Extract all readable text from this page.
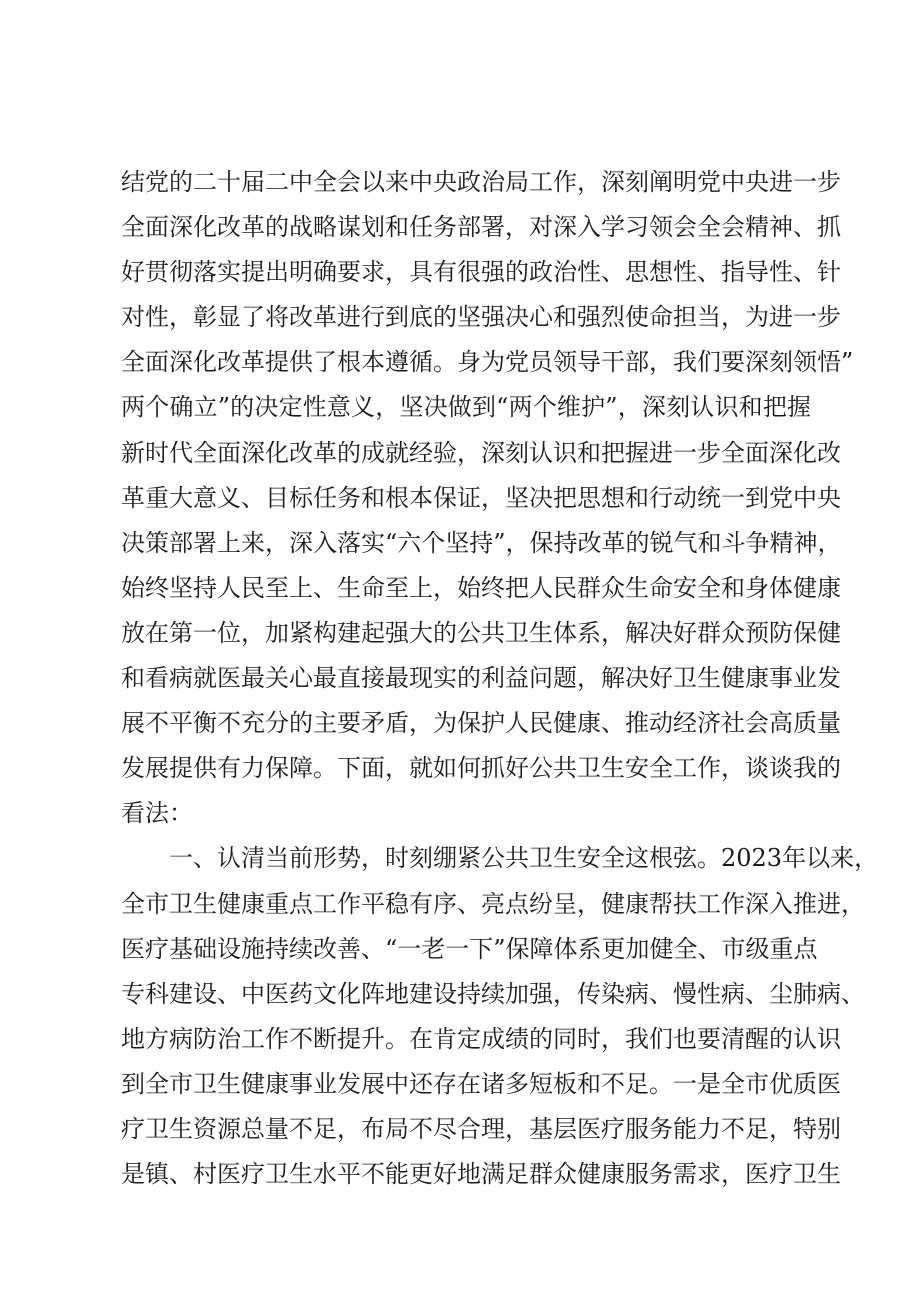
结党的二十届二中全会以来中央政治局工作，深刻阐明党中央进一步
全面深化改革的战略谋划和任务部署，对深入学习领会全会精神、抓
好贯彻落实提出明确要求，具有很强的政治性、思想性、指导性、针
对性，彰显了将改革进行到底的坚强决心和强烈使命担当，为进一步
全面深化改革提供了根本遵循。身为党员领导干部，我们要深刻领悟”
两个确立”的决定性意义，坚决做到“两个维护”，深刻认识和把握
新时代全面深化改革的成就经验，深刻认识和把握进一步全面深化改
革重大意义、目标任务和根本保证，坚决把思想和行动统一到党中央
决策部署上来，深入落实“六个坚持”，保持改革的锐气和斗争精神，
始终坚持人民至上、生命至上，始终把人民群众生命安全和身体健康
放在第一位，加紧构建起强大的公共卫生体系，解决好群众预防保健
和看病就医最关心最直接最现实的利益问题，解决好卫生健康事业发
展不平衡不充分的主要矛盾，为保护人民健康、推动经济社会高质量
发展提供有力保障。下面，就如何抓好公共卫生安全工作，谈谈我的
看法：
一、认清当前形势，时刻绷紧公共卫生安全这根弦。2023年以来，
全市卫生健康重点工作平稳有序、亮点纷呈，健康帮扶工作深入推进，
医疗基础设施持续改善、“一老一下”保障体系更加健全、市级重点
专科建设、中医药文化阵地建设持续加强，传染病、慢性病、尘肺病、
地方病防治工作不断提升。在肯定成绩的同时，我们也要清醒的认识
到全市卫生健康事业发展中还存在诸多短板和不足。一是全市优质医
疗卫生资源总量不足，布局不尽合理，基层医疗服务能力不足，特别
是镇、村医疗卫生水平不能更好地满足群众健康服务需求，医疗卫生
